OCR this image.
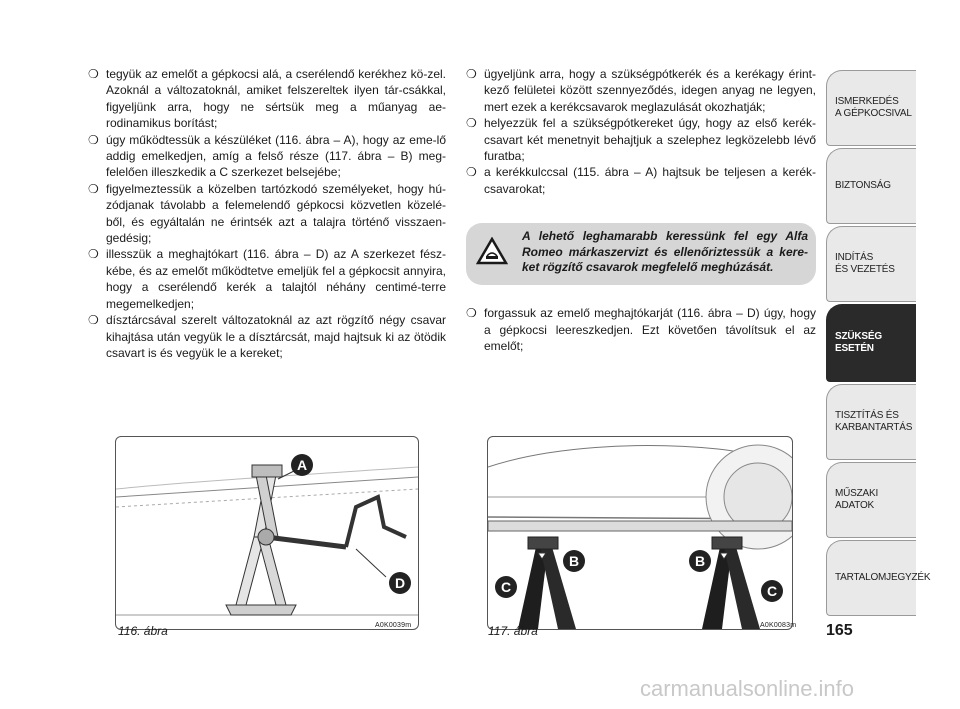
❍ tegyük az emelőt a gépkocsi alá, a cserélendő kerékhez kö-zel. Azoknál a változatoknál, amiket felszereltek ilyen tár-csákkal, figyeljünk arra, hogy ne sértsük meg a műanyag ae-rodinamikus borítást;

❍ úgy működtessük a készüléket (116. ábra – A), hogy az eme-lő addig emelkedjen, amíg a felső része (117. ábra – B) meg-felelően illeszkedik a C szerkezet belsejébe;

❍ figyelmeztessük a közelben tartózkodó személyeket, hogy hú-zódjanak távolabb a felemelendő gépkocsi közvetlen közelé-ből, és egyáltalán ne érintsék azt a talajra történő visszaen-gedésig;

❍ illesszük a meghajtókart (116. ábra – D) az A szerkezet fész-kébe, és az emelőt működtetve emeljük fel a gépkocsit annyira, hogy a cserélendő kerék a talajtól néhány centimé-terre megemelkedjen;

❍ dísztárcsával szerelt változatoknál az azt rögzítő négy csavar kihajtása után vegyük le a dísztárcsát, majd hajtsuk ki az ötödik csavart is és vegyük le a kereket;

❍ ügyeljünk arra, hogy a szükségpótkerék és a kerékagy érint-kező felületei között szennyeződés, idegen anyag ne legyen, mert ezek a kerékcsavarok meglazulását okozhatják;

❍ helyezzük fel a szükségpótkereket úgy, hogy az első kerék-csavart két menetnyit behajtjuk a szelephez legközelebb lévő furatba;

❍ a kerékkulccsal (115. ábra – A) hajtsuk be teljesen a kerék-csavarokat;

A lehető leghamarabb keressünk fel egy Alfa Romeo márkaszervizt és ellenőriztessük a kere-ket rögzítő csavarok megfelelő meghúzását.

❍ forgassuk az emelő meghajtókarját (116. ábra – D) úgy, hogy a gépkocsi leereszkedjen. Ezt követően távolítsuk el az emelőt;

A
D
116. ábra	A0K0039m
B
C
B
C
117. ábra	A0K0083m
ISMERKEDÉS
A GÉPKOCSIVAL
BIZTONSÁG
INDÍTÁS
ÉS VEZETÉS
SZÜKSÉG
ESETÉN
TISZTÍTÁS ÉS
KARBANTARTÁS
MŰSZAKI
ADATOK
TARTALOMJEGYZÉK
165
carmanualsonline.info
